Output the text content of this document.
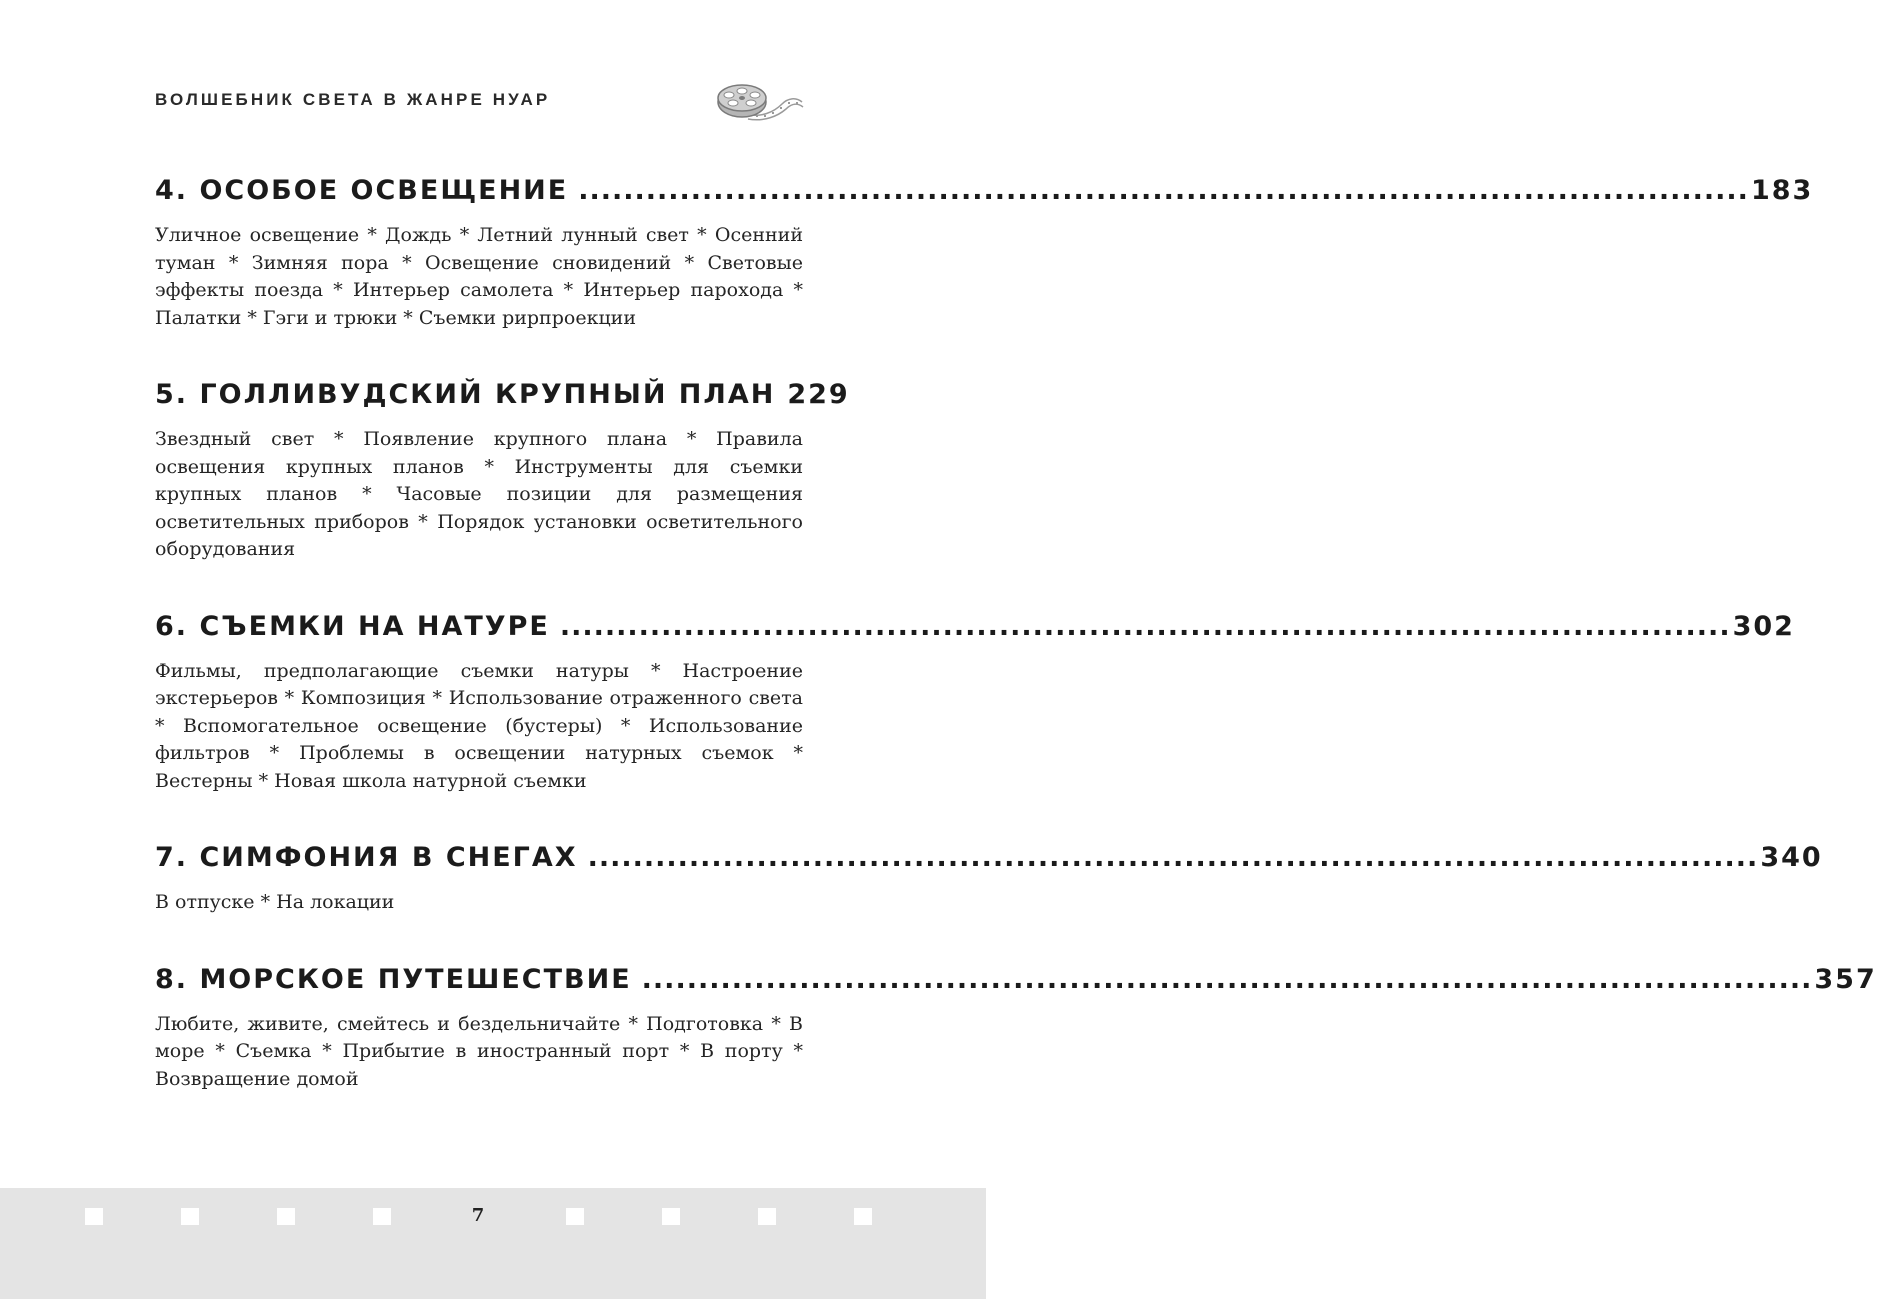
ВОЛШЕБНИК СВЕТА В ЖАНРЕ НУАР
4. ОСОБОЕ ОСВЕЩЕНИЕ .....	183
Уличное освещение * Дождь * Летний лунный свет * Осенний туман * Зимняя пора * Освещение сновидений * Световые эффекты поезда * Интерьер самолета * Интерьер парохода * Палатки * Гэги и трюки * Съемки рирпроекции
5. ГОЛЛИВУДСКИЙ КРУПНЫЙ ПЛАН 229
Звездный свет * Появление крупного плана * Правила освещения крупных планов * Инструменты для съемки крупных планов * Часовые позиции для размещения осветительных приборов * Порядок установки осветительного оборудования
6. СЪЕМКИ НА НАТУРЕ .....	302
Фильмы, предполагающие съемки натуры * Настроение экстерьеров * Композиция * Использование отраженного света * Вспомогательное освещение (бустеры) * Использование фильтров * Проблемы в освещении натурных съемок * Вестерны * Новая школа натурной съемки
7. СИМФОНИЯ В СНЕГАХ .....	340
В отпуске * На локации
8. МОРСКОЕ ПУТЕШЕСТВИЕ .....	357
Любите, живите, смейтесь и бездельничайте * Подготовка * В море * Съемка * Прибытие в иностранный порт * В порту * Возвращение домой
7
